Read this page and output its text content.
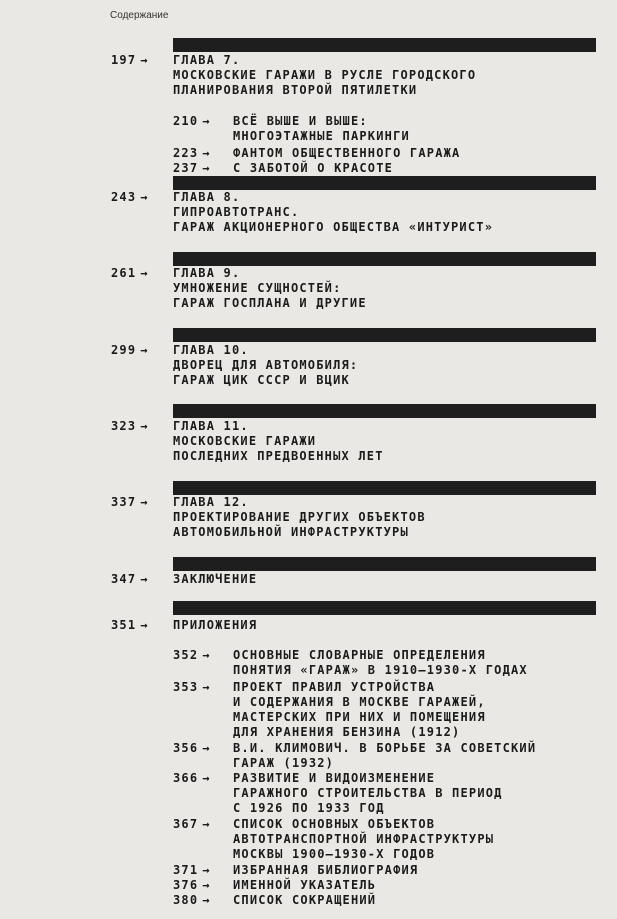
Содержание
197 → ГЛАВА 7.
МОСКОВСКИЕ ГАРАЖИ В РУСЛЕ ГОРОДСКОГО
ПЛАНИРОВАНИЯ ВТОРОЙ ПЯТИЛЕТКИ
243 → ГЛАВА 8.
ГИПРОАВТОТРАНС.
ГАРАЖ АКЦИОНЕРНОГО ОБЩЕСТВА «ИНТУРИСТ»
261 → ГЛАВА 9.
УМНОЖЕНИЕ СУЩНОСТЕЙ:
ГАРАЖ ГОСПЛАНА И ДРУГИЕ
299 → ГЛАВА 10.
ДВОРЕЦ ДЛЯ АВТОМОБИЛЯ:
ГАРАЖ ЦИК СССР И ВЦИК
323 → ГЛАВА 11.
МОСКОВСКИЕ ГАРАЖИ
ПОСЛЕДНИХ ПРЕДВОЕННЫХ ЛЕТ
337 → ГЛАВА 12.
ПРОЕКТИРОВАНИЕ ДРУГИХ ОБЪЕКТОВ
АВТОМОБИЛЬНОЙ ИНФРАСТРУКТУРЫ
347 → ЗАКЛЮЧЕНИЕ
351 → ПРИЛОЖЕНИЯ
210 → ВСЁ ВЫШЕ И ВЫШЕ:
МНОГОЭТАЖНЫЕ ПАРКИНГИ
223 → ФАНТОМ ОБЩЕСТВЕННОГО ГАРАЖА
237 → С ЗАБОТОЙ О КРАСОТЕ
352 → ОСНОВНЫЕ СЛОВАРНЫЕ ОПРЕДЕЛЕНИЯ
ПОНЯТИЯ «ГАРАЖ» В 1910–1930-Х ГОДАХ
353 → ПРОЕКТ ПРАВИЛ УСТРОЙСТВА
И СОДЕРЖАНИЯ В МОСКВЕ ГАРАЖЕЙ,
МАСТЕРСКИХ ПРИ НИХ И ПОМЕЩЕНИЯ
ДЛЯ ХРАНЕНИЯ БЕНЗИНА (1912)
356 → В.И. КЛИМОВИЧ. В БОРЬБЕ ЗА СОВЕТСКИЙ
ГАРАЖ (1932)
366 → РАЗВИТИЕ И ВИДОИЗМЕНЕНИЕ
ГАРАЖНОГО СТРОИТЕЛЬСТВА В ПЕРИОД
С 1926 ПО 1933 ГОД
367 → СПИСОК ОСНОВНЫХ ОБЪЕКТОВ
АВТОТРАНСПОРТНОЙ ИНФРАСТРУКТУРЫ
МОСКВЫ 1900–1930-Х ГОДОВ
371 → ИЗБРАННАЯ БИБЛИОГРАФИЯ
376 → ИМЕННОЙ УКАЗАТЕЛЬ
380 → СПИСОК СОКРАЩЕНИЙ
